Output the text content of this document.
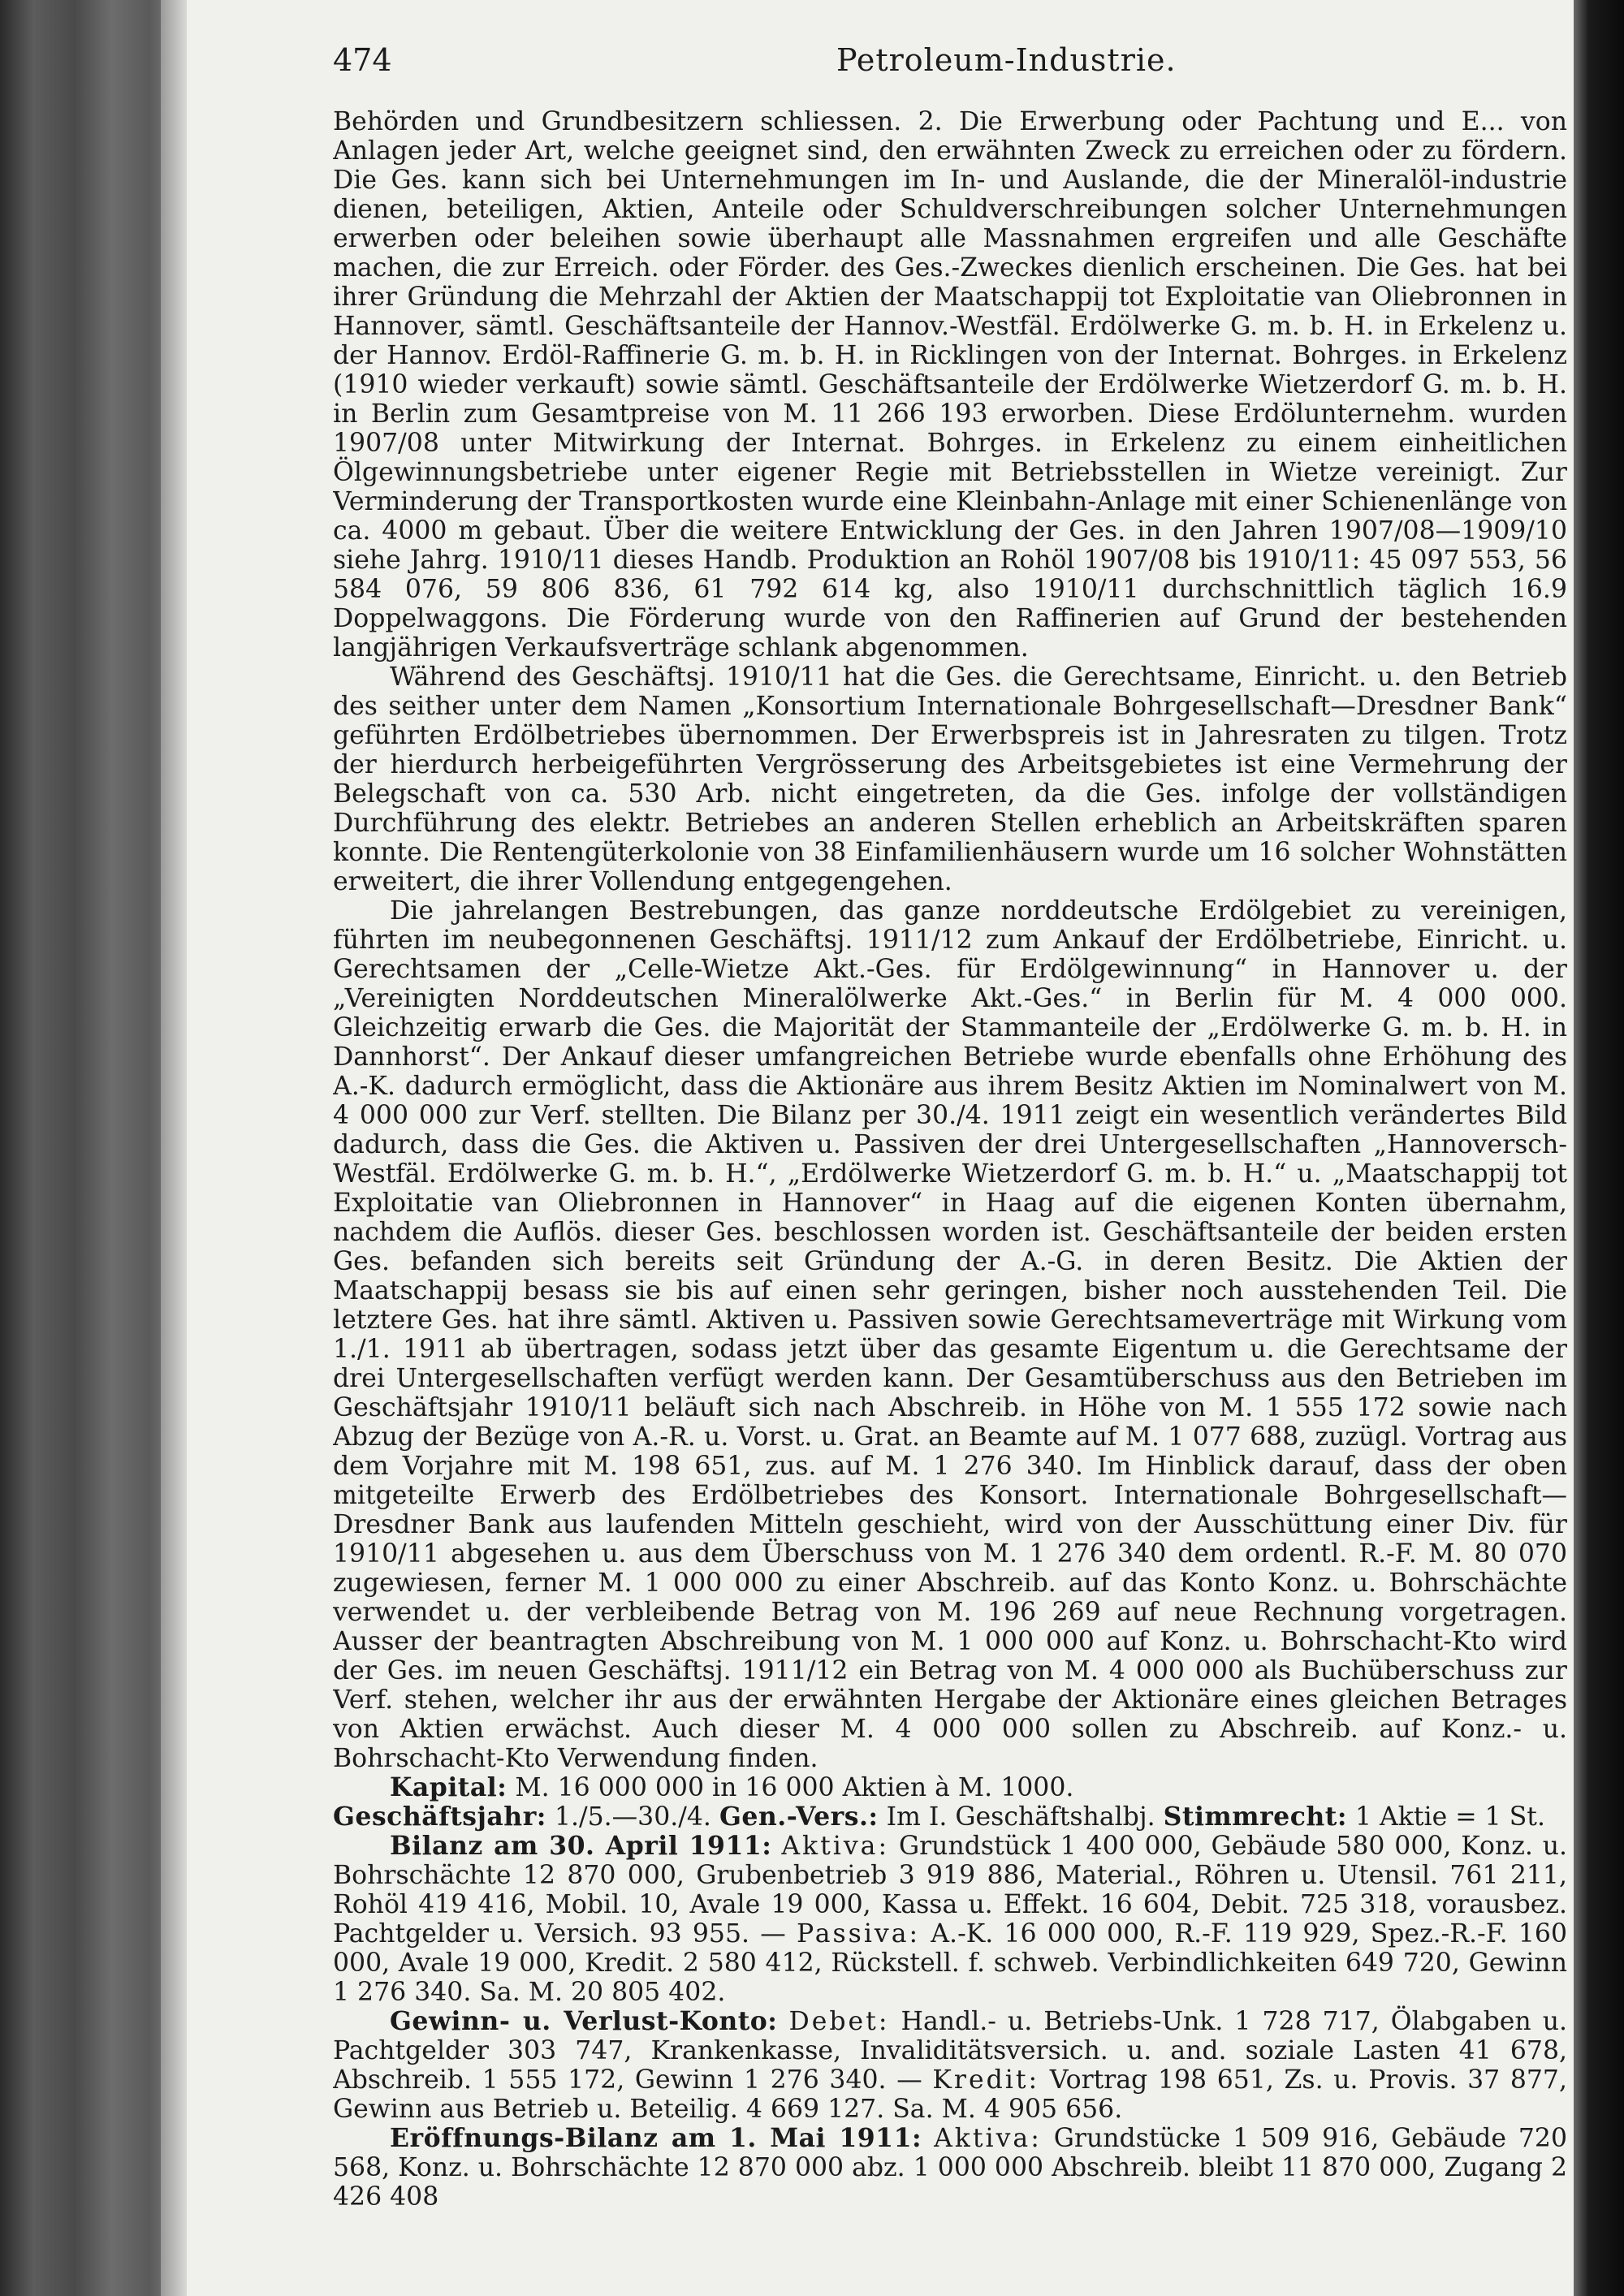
474	Petroleum-Industrie.

Behörden und Grundbesitzern schliessen. 2. Die Erwerbung oder Pachtung und E... von Anlagen jeder Art, welche geeignet sind, den erwähnten Zweck zu erreichen oder zu fördern. Die Ges. kann sich bei Unternehmungen im In- und Auslande, die der Mineralöl-industrie dienen, beteiligen, Aktien, Anteile oder Schuldverschreibungen solcher Unternehmungen erwerben oder beleihen sowie überhaupt alle Massnahmen ergreifen und alle Geschäfte machen, die zur Erreich. oder Förder. des Ges.-Zweckes dienlich erscheinen. Die Ges. hat bei ihrer Gründung die Mehrzahl der Aktien der Maatschappij tot Exploitatie van Oliebronnen in Hannover, sämtl. Geschäftsanteile der Hannov.-Westfäl. Erdölwerke G. m. b. H. in Erkelenz u. der Hannov. Erdöl-Raffinerie G. m. b. H. in Ricklingen von der Internat. Bohrges. in Erkelenz (1910 wieder verkauft) sowie sämtl. Geschäftsanteile der Erdölwerke Wietzerdorf G. m. b. H. in Berlin zum Gesamtpreise von M. 11 266 193 erworben. Diese Erdölunternehm. wurden 1907/08 unter Mitwirkung der Internat. Bohrges. in Erkelenz zu einem einheitlichen Ölgewinnungsbetriebe unter eigener Regie mit Betriebsstellen in Wietze vereinigt. Zur Verminderung der Transportkosten wurde eine Kleinbahn-Anlage mit einer Schienenlänge von ca. 4000 m gebaut. Über die weitere Entwicklung der Ges. in den Jahren 1907/08—1909/10 siehe Jahrg. 1910/11 dieses Handb. Produktion an Rohöl 1907/08 bis 1910/11: 45 097 553, 56 584 076, 59 806 836, 61 792 614 kg, also 1910/11 durchschnittlich täglich 16.9 Doppelwaggons. Die Förderung wurde von den Raffinerien auf Grund der bestehenden langjährigen Verkaufsverträge schlank abgenommen.

Während des Geschäftsj. 1910/11 hat die Ges. die Gerechtsame, Einricht. u. den Betrieb des seither unter dem Namen „Konsortium Internationale Bohrgesellschaft—Dresdner Bank“ geführten Erdölbetriebes übernommen. Der Erwerbspreis ist in Jahresraten zu tilgen. Trotz der hierdurch herbeigeführten Vergrösserung des Arbeitsgebietes ist eine Vermehrung der Belegschaft von ca. 530 Arb. nicht eingetreten, da die Ges. infolge der vollständigen Durchführung des elektr. Betriebes an anderen Stellen erheblich an Arbeitskräften sparen konnte. Die Rentengüterkolonie von 38 Einfamilienhäusern wurde um 16 solcher Wohnstätten erweitert, die ihrer Vollendung entgegengehen.

Die jahrelangen Bestrebungen, das ganze norddeutsche Erdölgebiet zu vereinigen, führten im neubegonnenen Geschäftsj. 1911/12 zum Ankauf der Erdölbetriebe, Einricht. u. Gerechtsamen der „Celle-Wietze Akt.-Ges. für Erdölgewinnung“ in Hannover u. der „Vereinigten Norddeutschen Mineralölwerke Akt.-Ges.“ in Berlin für M. 4 000 000. Gleichzeitig erwarb die Ges. die Majorität der Stammanteile der „Erdölwerke G. m. b. H. in Dannhorst“. Der Ankauf dieser umfangreichen Betriebe wurde ebenfalls ohne Erhöhung des A.-K. dadurch ermöglicht, dass die Aktionäre aus ihrem Besitz Aktien im Nominalwert von M. 4 000 000 zur Verf. stellten. Die Bilanz per 30./4. 1911 zeigt ein wesentlich verändertes Bild dadurch, dass die Ges. die Aktiven u. Passiven der drei Untergesellschaften „Hannoversch-Westfäl. Erdölwerke G. m. b. H.“, „Erdölwerke Wietzerdorf G. m. b. H.“ u. „Maatschappij tot Exploitatie van Oliebronnen in Hannover“ in Haag auf die eigenen Konten übernahm, nachdem die Auflös. dieser Ges. beschlossen worden ist. Geschäftsanteile der beiden ersten Ges. befanden sich bereits seit Gründung der A.-G. in deren Besitz. Die Aktien der Maatschappij besass sie bis auf einen sehr geringen, bisher noch ausstehenden Teil. Die letztere Ges. hat ihre sämtl. Aktiven u. Passiven sowie Gerechtsameverträge mit Wirkung vom 1./1. 1911 ab übertragen, sodass jetzt über das gesamte Eigentum u. die Gerechtsame der drei Untergesellschaften verfügt werden kann. Der Gesamtüberschuss aus den Betrieben im Geschäftsjahr 1910/11 beläuft sich nach Abschreib. in Höhe von M. 1 555 172 sowie nach Abzug der Bezüge von A.-R. u. Vorst. u. Grat. an Beamte auf M. 1 077 688, zuzügl. Vortrag aus dem Vorjahre mit M. 198 651, zus. auf M. 1 276 340. Im Hinblick darauf, dass der oben mitgeteilte Erwerb des Erdölbetriebes des Konsort. Internationale Bohrgesellschaft—Dresdner Bank aus laufenden Mitteln geschieht, wird von der Ausschüttung einer Div. für 1910/11 abgesehen u. aus dem Überschuss von M. 1 276 340 dem ordentl. R.-F. M. 80 070 zugewiesen, ferner M. 1 000 000 zu einer Abschreib. auf das Konto Konz. u. Bohrschächte verwendet u. der verbleibende Betrag von M. 196 269 auf neue Rechnung vorgetragen. Ausser der beantragten Abschreibung von M. 1 000 000 auf Konz. u. Bohrschacht-Kto wird der Ges. im neuen Geschäftsj. 1911/12 ein Betrag von M. 4 000 000 als Buchüberschuss zur Verf. stehen, welcher ihr aus der erwähnten Hergabe der Aktionäre eines gleichen Betrages von Aktien erwächst. Auch dieser M. 4 000 000 sollen zu Abschreib. auf Konz.- u. Bohrschacht-Kto Verwendung finden.

Kapital: M. 16 000 000 in 16 000 Aktien à M. 1000.

Geschäftsjahr: 1./5.—30./4. Gen.-Vers.: Im I. Geschäftshalbj. Stimmrecht: 1 Aktie = 1 St.

Bilanz am 30. April 1911: Aktiva: Grundstück 1 400 000, Gebäude 580 000, Konz. u. Bohrschächte 12 870 000, Grubenbetrieb 3 919 886, Material., Röhren u. Utensil. 761 211, Rohöl 419 416, Mobil. 10, Avale 19 000, Kassa u. Effekt. 16 604, Debit. 725 318, vorausbez. Pachtgelder u. Versich. 93 955. — Passiva: A.-K. 16 000 000, R.-F. 119 929, Spez.-R.-F. 160 000, Avale 19 000, Kredit. 2 580 412, Rückstell. f. schweb. Verbindlichkeiten 649 720, Gewinn 1 276 340. Sa. M. 20 805 402.

Gewinn- u. Verlust-Konto: Debet: Handl.- u. Betriebs-Unk. 1 728 717, Ölabgaben u. Pachtgelder 303 747, Krankenkasse, Invaliditätsversich. u. and. soziale Lasten 41 678, Abschreib. 1 555 172, Gewinn 1 276 340. — Kredit: Vortrag 198 651, Zs. u. Provis. 37 877, Gewinn aus Betrieb u. Beteilig. 4 669 127. Sa. M. 4 905 656.

Eröffnungs-Bilanz am 1. Mai 1911: Aktiva: Grundstücke 1 509 916, Gebäude 720 568, Konz. u. Bohrschächte 12 870 000 abz. 1 000 000 Abschreib. bleibt 11 870 000, Zugang 2 426 408
